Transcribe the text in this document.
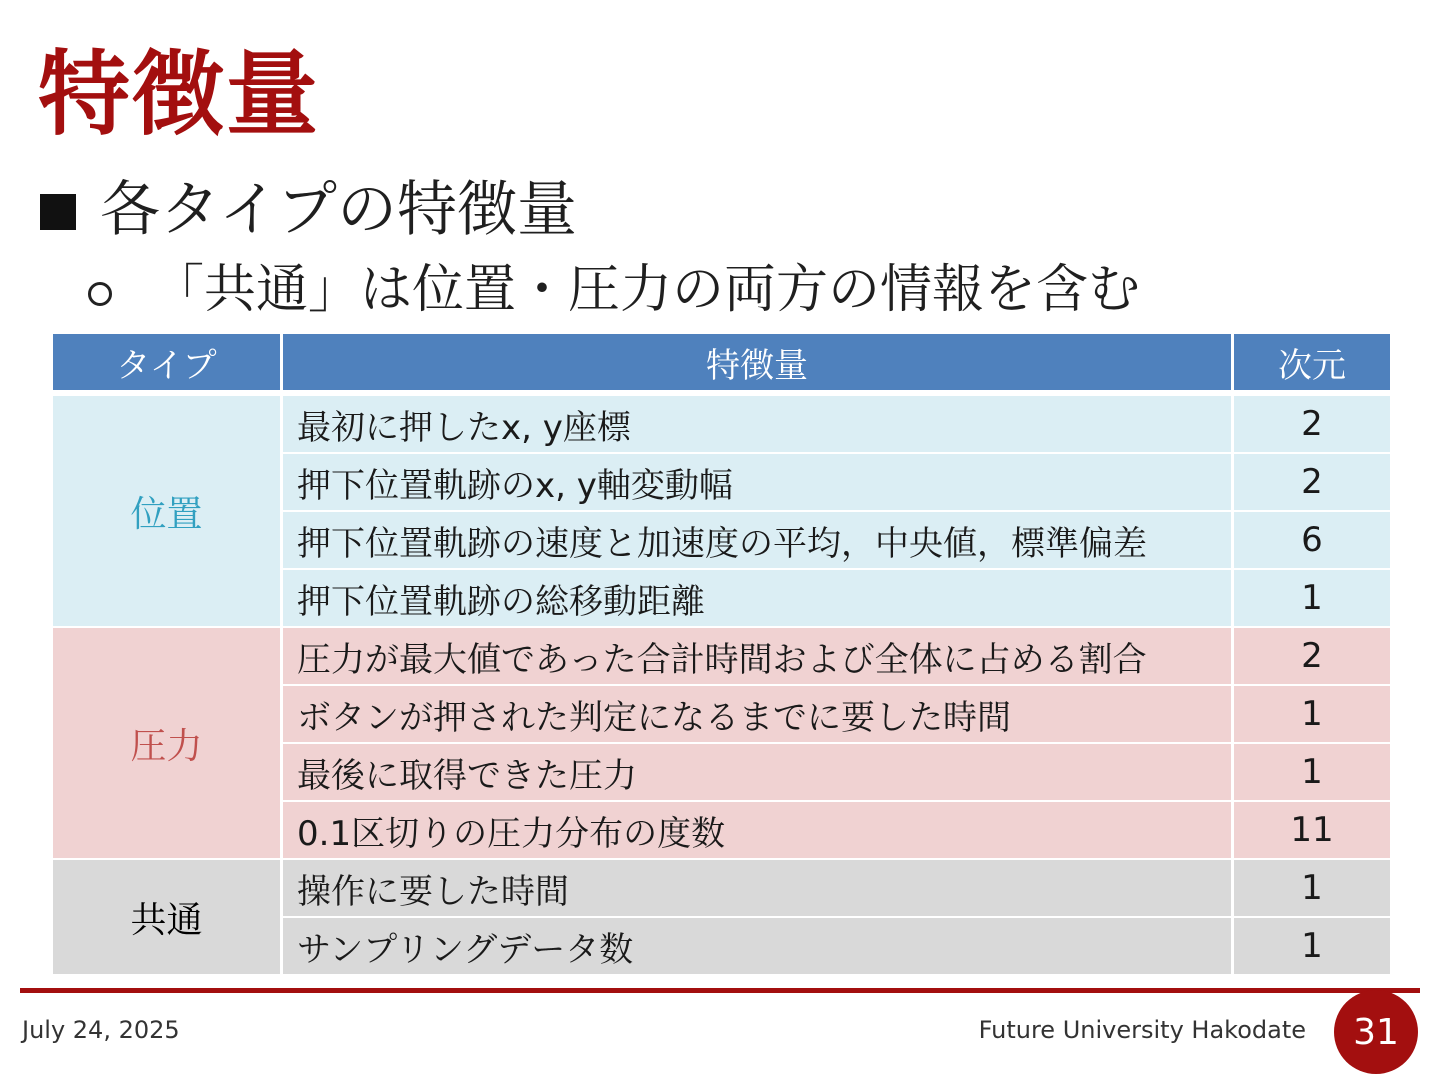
特徴量
各タイプの特徴量
「共通」は位置・圧力の両方の情報を含む
タイプ	特徴量	次元
位置	最初に押したx, y座標	2
	押下位置軌跡のx, y軸変動幅	2
	押下位置軌跡の速度と加速度の平均，中央値，標準偏差	6
	押下位置軌跡の総移動距離	1
圧力	圧力が最大値であった合計時間および全体に占める割合	2
	ボタンが押された判定になるまでに要した時間	1
	最後に取得できた圧力	1
	0.1区切りの圧力分布の度数	11
共通	操作に要した時間	1
	サンプリングデータ数	1
July 24, 2025	Future University Hakodate	31
